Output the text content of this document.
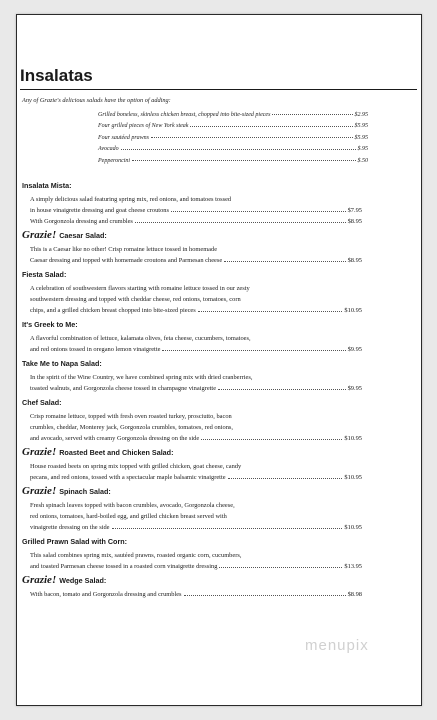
Insalatas
Any of Grazie's delicious salads have the option of adding:
Grilled boneless, skinless chicken breast, chopped into bite-sized pieces	$2.95
Four grilled pieces of New York steak	$5.95
Four sautéed prawns	$5.95
Avocado	$.95
Pepperoncini	$.50
Insalata Mista:
A simply delicious salad featuring spring mix, red onions, and tomatoes tossed
in house vinaigrette dressing and goat cheese croutons	$7.95
With Gorgonzola dressing and crumbles	$8.95
Grazie! Caesar Salad:
This is a Caesar like no other! Crisp romaine lettuce tossed in homemade
Caesar dressing and topped with homemade croutons and Parmesan cheese	$8.95
Fiesta Salad:
A celebration of southwestern flavors starting with romaine lettuce tossed in our zesty
southwestern dressing and topped with cheddar cheese, red onions, tomatoes, corn
chips, and a grilled chicken breast chopped into bite-sized pieces	$10.95
It's Greek to Me:
A flavorful combination of lettuce, kalamata olives, feta cheese, cucumbers, tomatoes,
and red onions tossed in oregano lemon vinaigrette	$9.95
Take Me to Napa Salad:
In the spirit of the Wine Country, we have combined spring mix with dried cranberries,
toasted walnuts, and Gorgonzola cheese tossed in champagne vinaigrette	$9.95
Chef Salad:
Crisp romaine lettuce, topped with fresh oven roasted turkey, prosciutto, bacon
crumbles, cheddar, Monterey jack, Gorgonzola crumbles, tomatoes, red onions,
and avocado, served with creamy Gorgonzola dressing on the side	$10.95
Grazie! Roasted Beet and Chicken Salad:
House roasted beets on spring mix topped with grilled chicken, goat cheese, candy
pecans, and red onions, tossed with a spectacular maple balsamic vinaigrette	$10.95
Grazie! Spinach Salad:
Fresh spinach leaves topped with bacon crumbles, avocado, Gorgonzola cheese,
red onions, tomatoes, hard-boiled egg, and grilled chicken breast served with
vinaigrette dressing on the side	$10.95
Grilled Prawn Salad with Corn:
This salad combines spring mix, sautéed prawns, roasted organic corn, cucumbers,
and toasted Parmesan cheese tossed in a roasted corn vinaigrette dressing	$13.95
Grazie! Wedge Salad:
With bacon, tomato and Gorgonzola dressing and crumbles	$8.98
menupix
